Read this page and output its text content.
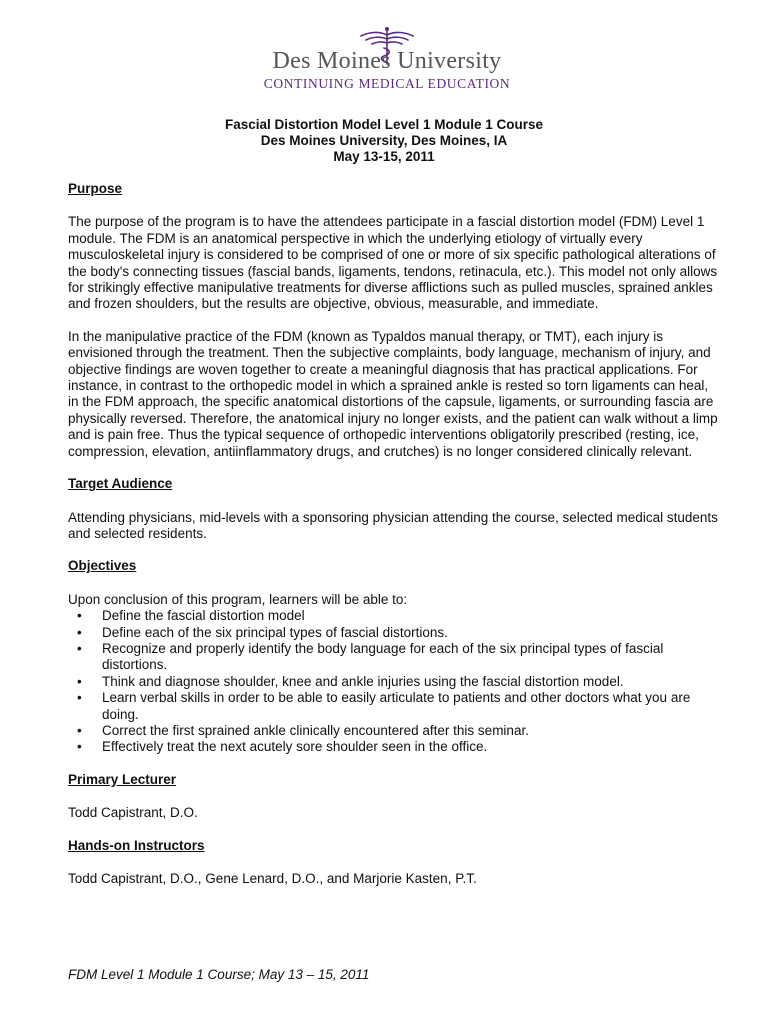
Des Moines University
CONTINUING MEDICAL EDUCATION
Fascial Distortion Model Level 1 Module 1 Course
Des Moines University, Des Moines, IA
May 13-15, 2011

Purpose

The purpose of the program is to have the attendees participate in a fascial distortion model (FDM) Level 1 module. The FDM is an anatomical perspective in which the underlying etiology of virtually every musculoskeletal injury is considered to be comprised of one or more of six specific pathological alterations of the body's connecting tissues (fascial bands, ligaments, tendons, retinacula, etc.). This model not only allows for strikingly effective manipulative treatments for diverse afflictions such as pulled muscles, sprained ankles and frozen shoulders, but the results are objective, obvious, measurable, and immediate.

In the manipulative practice of the FDM (known as Typaldos manual therapy, or TMT), each injury is envisioned through the treatment. Then the subjective complaints, body language, mechanism of injury, and objective findings are woven together to create a meaningful diagnosis that has practical applications. For instance, in contrast to the orthopedic model in which a sprained ankle is rested so torn ligaments can heal, in the FDM approach, the specific anatomical distortions of the capsule, ligaments, or surrounding fascia are physically reversed. Therefore, the anatomical injury no longer exists, and the patient can walk without a limp and is pain free. Thus the typical sequence of orthopedic interventions obligatorily prescribed (resting, ice, compression, elevation, antiinflammatory drugs, and crutches) is no longer considered clinically relevant.

Target Audience

Attending physicians, mid-levels with a sponsoring physician attending the course, selected medical students and selected residents.

Objectives

Upon conclusion of this program, learners will be able to:

• Define the fascial distortion model
• Define each of the six principal types of fascial distortions.
• Recognize and properly identify the body language for each of the six principal types of fascial distortions.
• Think and diagnose shoulder, knee and ankle injuries using the fascial distortion model.
• Learn verbal skills in order to be able to easily articulate to patients and other doctors what you are doing.
• Correct the first sprained ankle clinically encountered after this seminar.
• Effectively treat the next acutely sore shoulder seen in the office.

Primary Lecturer

Todd Capistrant, D.O.

Hands-on Instructors

Todd Capistrant, D.O., Gene Lenard, D.O., and Marjorie Kasten, P.T.

FDM Level 1 Module 1 Course; May 13 – 15, 2011
